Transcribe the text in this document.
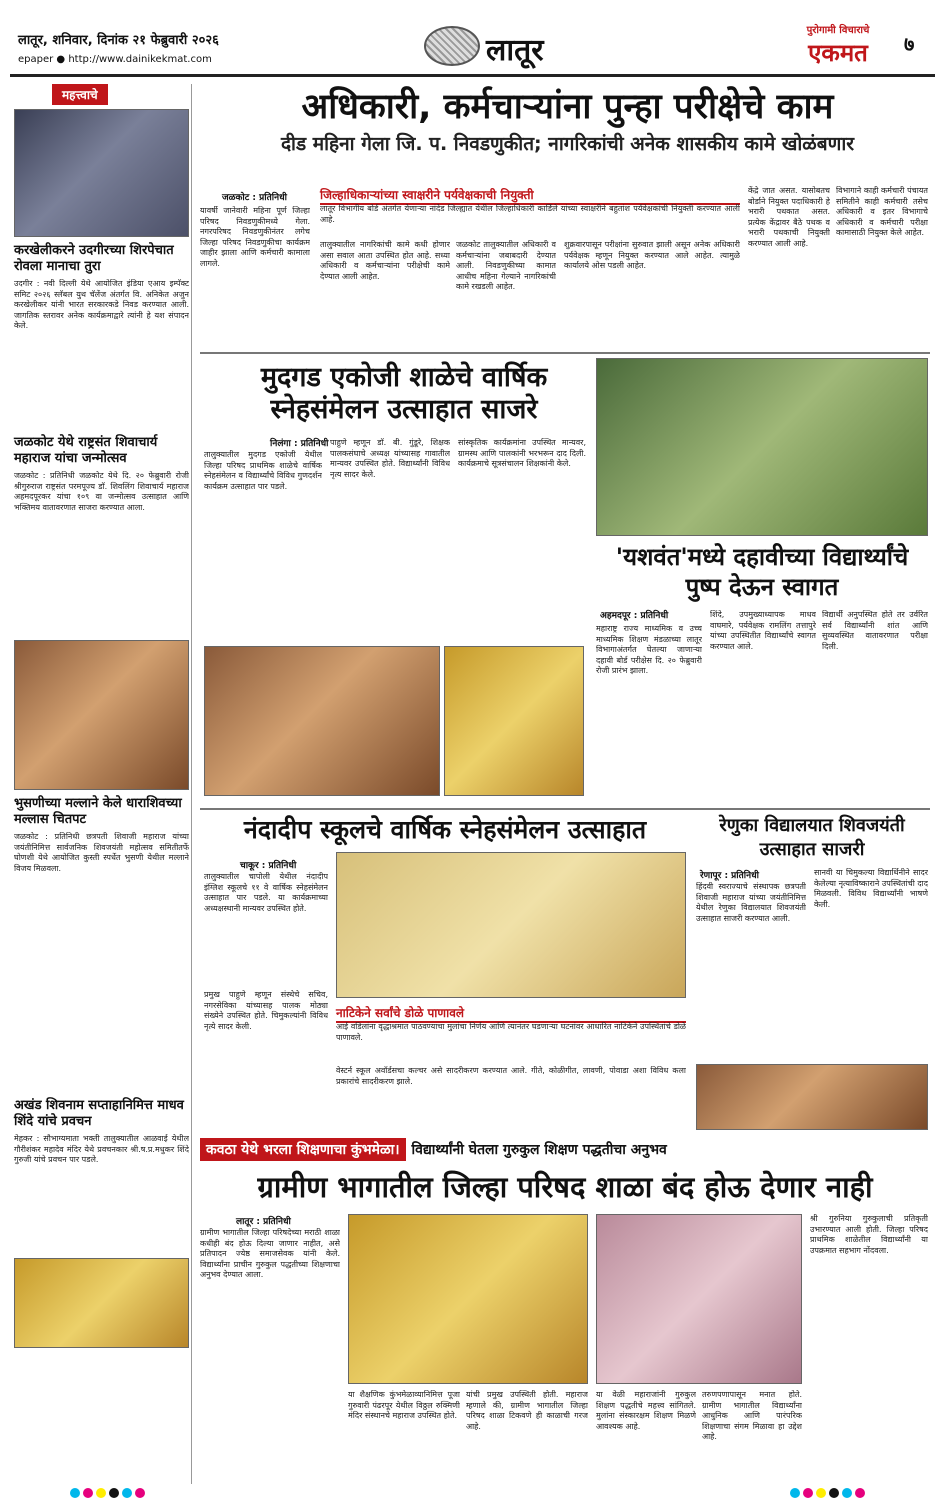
लातूर, शनिवार, दिनांक २१ फेब्रुवारी २०२६
epaper ● http://www.dainikekmat.com	लातूर
पुरोगामी विचाराचे
एकमत	७
महत्त्वाचे
करखेलीकरने उदगीरच्या शिरपेचात रोवला मानाचा तुरा
उदगीर : नवी दिल्ली येथे आयोजित इंडिया एआय इम्पॅक्ट समिट २०२६ स्लॅबल युथ चॅलेंज अंतर्गत वि. अनिकेत अजुन करखेलीकर यांनी भारत सरकारकडे निवड करण्यात आली. जागतिक स्तरावर अनेक कार्यक्रमाद्वारे त्यांनी हे यश संपादन केले.
जळकोट येथे राष्ट्रसंत शिवाचार्य महाराज यांचा जन्मोत्सव
जळकोट : प्रतिनिधी जळकोट येथे दि. २० फेब्रुवारी रोजी श्रीगुरुराज राष्ट्रसंत परमपूज्य डॉ. शिवलिंग शिवाचार्य महाराज अहमदपूरकर यांचा १०९ वा जन्मोत्सव उत्साहात आणि भक्तिमय वातावरणात साजरा करण्यात आला.
भुसणीच्या मल्लाने केले धाराशिवच्या मल्लास चितपट
जळकोट : प्रतिनिधी छत्रपती शिवाजी महाराज यांच्या जयंतीनिमित्त सार्वजनिक शिवजयंती महोत्सव समितीतर्फे घोणशी येथे आयोजित कुस्ती स्पर्धेत भुसणी येथील मल्लाने विजय मिळवला.
अखंड शिवनाम सप्ताहानिमित्त माधव शिंदे यांचे प्रवचन
मेहकर : सौभाग्यमाता भक्ती तालुक्यातील आळवाई येथील गौरीशंकर महादेव मंदिर येथे प्रवचनकार श्री.ष.प्र.मधुकर शिंदे गुरुजी यांचे प्रवचन पार पडले.
अधिकारी, कर्मचाऱ्यांना पुन्हा परीक्षेचे काम
दीड महिना गेला जि. प. निवडणुकीत; नागरिकांची अनेक शासकीय कामे खोळंबणार
जळकोट : प्रतिनिधी	जिल्हाधिकाऱ्यांच्या स्वाक्षरीने पर्यवेक्षकाची नियुक्ती
लातूर विभागीय बोर्ड अंतर्गत येणाऱ्या नांदेड जिल्ह्यात येथील जिल्हाधिकारी कार्डिले यांच्या स्वाक्षरीने बहुतांश पर्यवेक्षकांची नियुक्ती करण्यात आली आहे.
यावर्षी जानेवारी महिना पूर्ण जिल्हा परिषद निवडणुकीमध्ये गेला. नगरपरिषद निवडणुकीनंतर लगेच जिल्हा परिषद निवडणुकीचा कार्यक्रम जाहीर झाला आणि कर्मचारी कामाला लागले.
तालुक्यातील नागरिकांची कामे कधी होणार असा सवाल आता उपस्थित होत आहे. सध्या अधिकारी व कर्मचाऱ्यांना परीक्षेची कामे देण्यात आली आहेत.
जळकोट तालुक्यातील अधिकारी व कर्मचाऱ्यांना जबाबदारी देण्यात आली. निवडणुकीच्या कामात आधीच महिना गेल्याने नागरिकांची कामे रखडली आहेत.
शुक्रवारपासून परीक्षांना सुरुवात झाली असून अनेक अधिकारी पर्यवेक्षक म्हणून नियुक्त करण्यात आले आहेत. त्यामुळे कार्यालये ओस पडली आहेत.
केंद्रे जात असत. यासोबतच बोर्डाने नियुक्त पदाधिकारी हे भरारी पथकात असत. प्रत्येक केंद्रावर बैठे पथक व भरारी पथकाची नियुक्ती करण्यात आली आहे.
विभागाने काही कर्मचारी पंचायत समितीने काही कर्मचारी तसेच अधिकारी व इतर विभागाचे अधिकारी व कर्मचारी परीक्षा कामासाठी नियुक्त केले आहेत.
मुदगड एकोजी शाळेचे वार्षिक स्नेहसंमेलन उत्साहात साजरे
निलंगा : प्रतिनिधी
तालुक्यातील मुदगड एकोजी येथील जिल्हा परिषद प्राथमिक शाळेचे वार्षिक स्नेहसंमेलन व विद्यार्थ्यांचे विविध गुणदर्शन कार्यक्रम उत्साहात पार पडले.
पाहुणे म्हणून डॉ. बी. गुंडूरे, शिक्षक पालकसंघाचे अध्यक्ष यांच्यासह गावातील मान्यवर उपस्थित होते. विद्यार्थ्यांनी विविध नृत्य सादर केले.
सांस्कृतिक कार्यक्रमांना उपस्थित मान्यवर, ग्रामस्थ आणि पालकांनी भरभरून दाद दिली. कार्यक्रमाचे सूत्रसंचालन शिक्षकांनी केले.
'यशवंत'मध्ये दहावीच्या विद्यार्थ्यांचे पुष्प देऊन स्वागत
अहमदपूर : प्रतिनिधी
महाराष्ट्र राज्य माध्यमिक व उच्च माध्यमिक शिक्षण मंडळाच्या लातूर विभागाअंतर्गत घेतल्या जाणाऱ्या दहावी बोर्ड परीक्षेस दि. २० फेब्रुवारी रोजी प्रारंभ झाला.
शिंदे, उपमुख्याध्यापक माधव वाघमारे, पर्यवेक्षक रामलिंग तत्तापुरे यांच्या उपस्थितीत विद्यार्थ्यांचे स्वागत करण्यात आले.
विद्यार्थी अनुपस्थित होते तर उर्वरित सर्व विद्यार्थ्यांनी शांत आणि सुव्यवस्थित वातावरणात परीक्षा दिली.
नंदादीप स्कूलचे वार्षिक स्नेहसंमेलन उत्साहात
चाकूर : प्रतिनिधी
तालुक्यातील चापोली येथील नंदादीप इंग्लिश स्कूलचे ११ वे वार्षिक स्नेहसंमेलन उत्साहात पार पडले. या कार्यक्रमाच्या अध्यक्षस्थानी मान्यवर उपस्थित होते.
प्रमुख पाहुणे म्हणून संस्थेचे सचिव, नगरसेविका यांच्यासह पालक मोठ्या संख्येने उपस्थित होते. चिमुकल्यांनी विविध नृत्ये सादर केली.
नाटिकेने सर्वांचे डोळे पाणावले
आई वडिलांना वृद्धाश्रमात पाठवण्याचा मुलांचा निर्णय आणि त्यानंतर घडणाऱ्या घटनांवर आधारित नाटिकेने उपस्थितांचे डोळे पाणावले.
वेस्टर्न स्कूल अवॉर्डसचा कल्चर असे सादरीकरण करण्यात आले. गीते, कोळीगीत, लावणी, पोवाडा अशा विविध कला प्रकारांचे सादरीकरण झाले.
रेणुका विद्यालयात शिवजयंती उत्साहात साजरी
रेणापूर : प्रतिनिधी
हिंदवी स्वराज्याचे संस्थापक छत्रपती शिवाजी महाराज यांच्या जयंतीनिमित्त येथील रेणुका विद्यालयात शिवजयंती उत्साहात साजरी करण्यात आली.
सानवी या चिमुकल्या विद्यार्थिनीने सादर केलेल्या नृत्याविष्काराने उपस्थितांची दाद मिळवली. विविध विद्यार्थ्यांनी भाषणे केली.
कवठा येथे भरला शिक्षणाचा कुंभमेळा। विद्यार्थ्यांनी घेतला गुरुकुल शिक्षण पद्धतीचा अनुभव
ग्रामीण भागातील जिल्हा परिषद शाळा बंद होऊ देणार नाही
लातूर : प्रतिनिधी
ग्रामीण भागातील जिल्हा परिषदेच्या मराठी शाळा कधीही बंद होऊ दिल्या जाणार नाहीत, असे प्रतिपादन ज्येष्ठ समाजसेवक यांनी केले. विद्यार्थ्यांना प्राचीन गुरुकुल पद्धतीच्या शिक्षणाचा अनुभव देण्यात आला.
या शैक्षणिक कुंभमेळाव्यानिमित्त पूजा गुरुवारी पंढरपूर येथील विठ्ठल रुक्मिणी मंदिर संस्थानचे महाराज उपस्थित होते.
यांची प्रमुख उपस्थिती होती. महाराज म्हणाले की, ग्रामीण भागातील जिल्हा परिषद शाळा टिकवणे ही काळाची गरज आहे.
या वेळी महाराजांनी गुरुकुल शिक्षण पद्धतीचे महत्त्व सांगितले. मुलांना संस्कारक्षम शिक्षण मिळणे आवश्यक आहे.
तरुणपणापासून मनात होते. ग्रामीण भागातील विद्यार्थ्यांना आधुनिक आणि पारंपरिक शिक्षणाचा संगम मिळावा हा उद्देश आहे.
श्री गुरुनिया गुरुकुलाची प्रतिकृती उभारण्यात आली होती. जिल्हा परिषद प्राथमिक शाळेतील विद्यार्थ्यांनी या उपक्रमात सहभाग नोंदवला.
